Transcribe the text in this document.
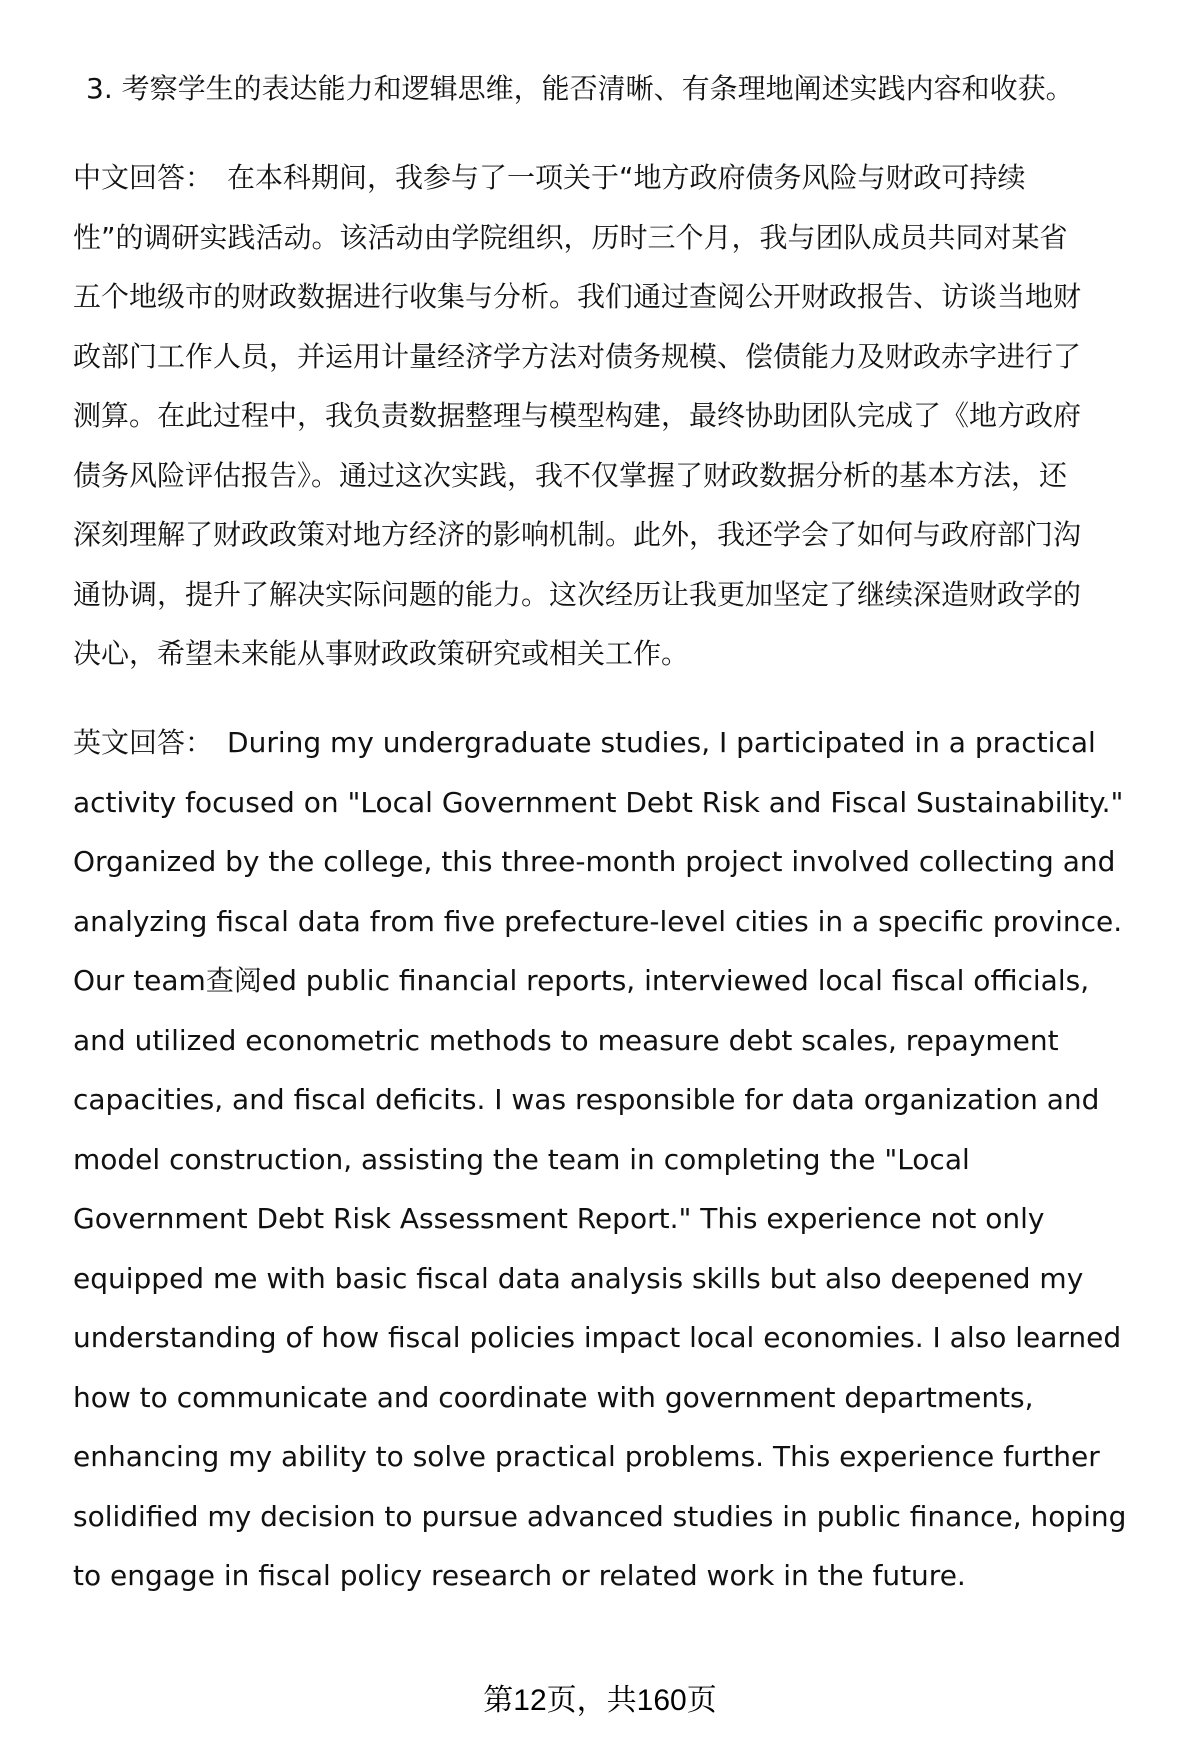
3. 考察学生的表达能力和逻辑思维，能否清晰、有条理地阐述实践内容和收获。
中文回答： 在本科期间，我参与了一项关于“地方政府债务风险与财政可持续
性”的调研实践活动。该活动由学院组织，历时三个月，我与团队成员共同对某省
五个地级市的财政数据进行收集与分析。我们通过查阅公开财政报告、访谈当地财
政部门工作人员，并运用计量经济学方法对债务规模、偿债能力及财政赤字进行了
测算。在此过程中，我负责数据整理与模型构建，最终协助团队完成了《地方政府
债务风险评估报告》。通过这次实践，我不仅掌握了财政数据分析的基本方法，还
深刻理解了财政政策对地方经济的影响机制。此外，我还学会了如何与政府部门沟
通协调，提升了解决实际问题的能力。这次经历让我更加坚定了继续深造财政学的
决心，希望未来能从事财政政策研究或相关工作。
英文回答： During my undergraduate studies, I participated in a practical
activity focused on "Local Government Debt Risk and Fiscal Sustainability."
Organized by the college, this three-month project involved collecting and
analyzing fiscal data from five prefecture-level cities in a specific province.
Our team查阅ed public financial reports, interviewed local fiscal officials,
and utilized econometric methods to measure debt scales, repayment
capacities, and fiscal deficits. I was responsible for data organization and
model construction, assisting the team in completing the "Local
Government Debt Risk Assessment Report." This experience not only
equipped me with basic fiscal data analysis skills but also deepened my
understanding of how fiscal policies impact local economies. I also learned
how to communicate and coordinate with government departments,
enhancing my ability to solve practical problems. This experience further
solidified my decision to pursue advanced studies in public finance, hoping
to engage in fiscal policy research or related work in the future.
第12页，共160页
